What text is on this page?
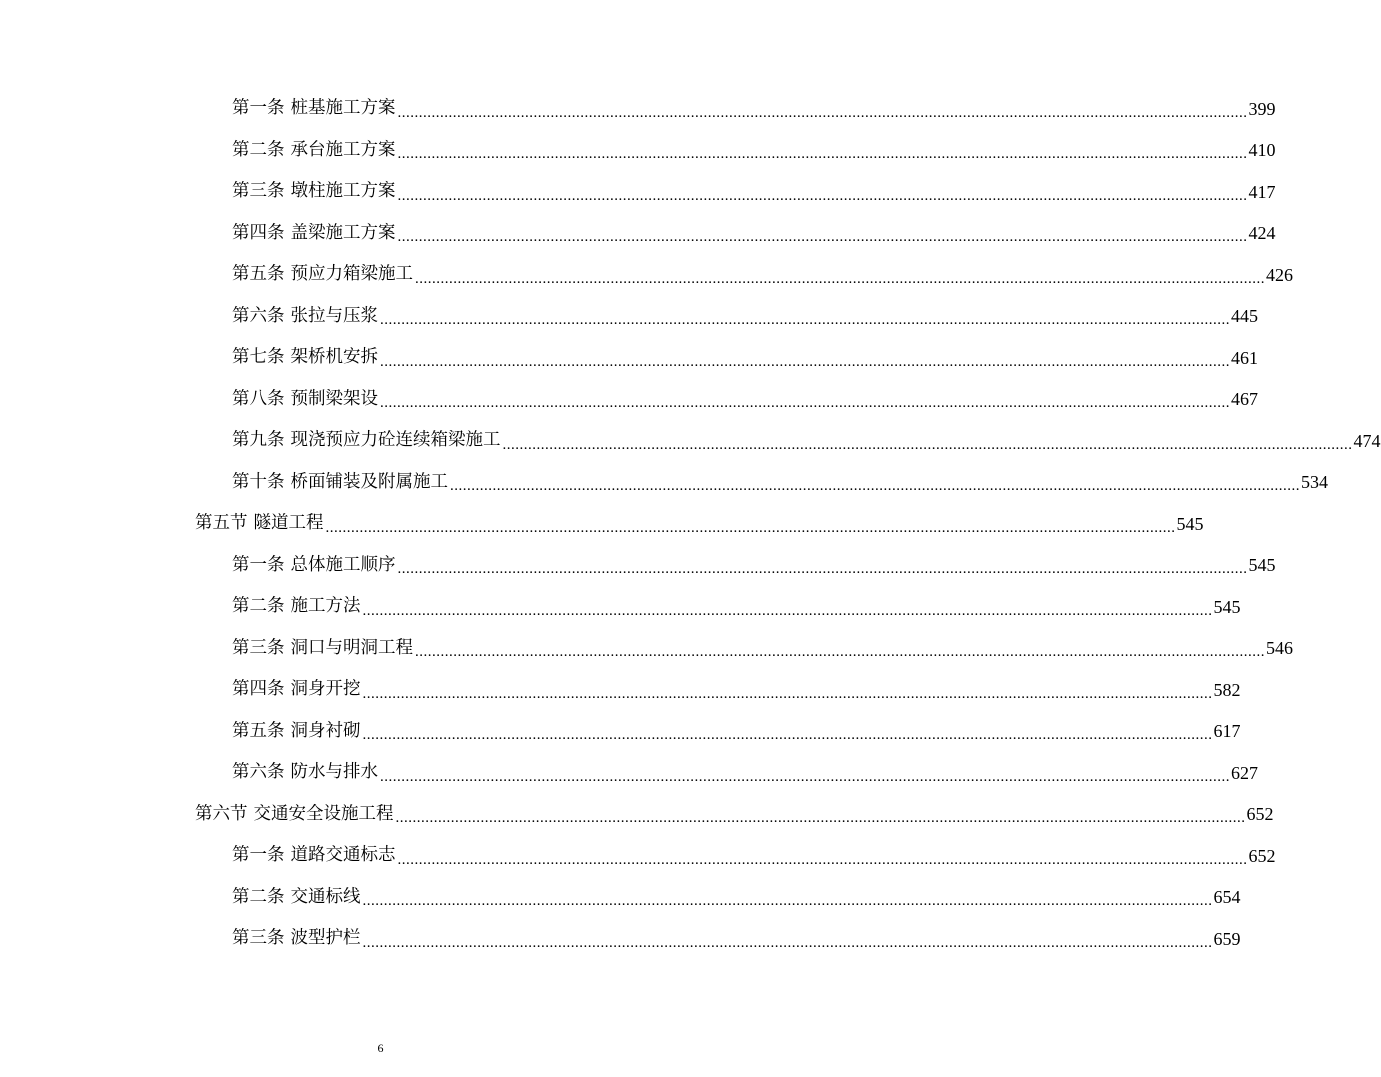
第一条 桩基施工方案 ........................................................................................................................................................................................................ 399
第二条 承台施工方案 ........................................................................................................................................................................................................ 410
第三条 墩柱施工方案 ........................................................................................................................................................................................................ 417
第四条 盖梁施工方案 ........................................................................................................................................................................................................ 424
第五条 预应力箱梁施工 ........................................................................................................................................................................................................ 426
第六条 张拉与压浆 ........................................................................................................................................................................................................ 445
第七条 架桥机安拆 ........................................................................................................................................................................................................ 461
第八条 预制梁架设 ........................................................................................................................................................................................................ 467
第九条 现浇预应力砼连续箱梁施工 ........................................................................................................................................................................................................ 474
第十条 桥面铺装及附属施工 ........................................................................................................................................................................................................ 534
第五节 隧道工程 ........................................................................................................................................................................................................ 545
第一条 总体施工顺序 ........................................................................................................................................................................................................ 545
第二条 施工方法 ........................................................................................................................................................................................................ 545
第三条 洞口与明洞工程 ........................................................................................................................................................................................................ 546
第四条 洞身开挖 ........................................................................................................................................................................................................ 582
第五条 洞身衬砌 ........................................................................................................................................................................................................ 617
第六条 防水与排水 ........................................................................................................................................................................................................ 627
第六节 交通安全设施工程 ........................................................................................................................................................................................................ 652
第一条 道路交通标志 ........................................................................................................................................................................................................ 652
第二条 交通标线 ........................................................................................................................................................................................................ 654
第三条 波型护栏 ........................................................................................................................................................................................................ 659
6
